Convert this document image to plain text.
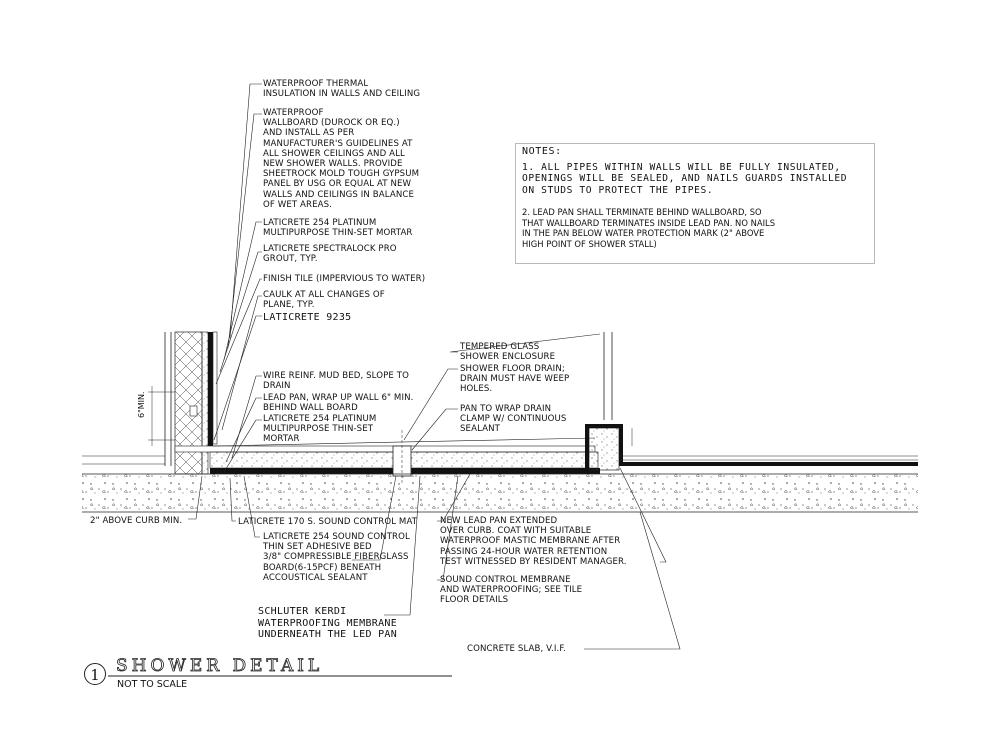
1 SHOWER DETAIL
NOT TO SCALE
6"MIN.
NOTES:
1. ALL PIPES WITHIN WALLS WILL BE FULLY INSULATED,
OPENINGS WILL BE SEALED, AND NAILS GUARDS INSTALLED
ON STUDS TO PROTECT THE PIPES.
2. LEAD PAN SHALL TERMINATE BEHIND WALLBOARD, SO
THAT WALLBOARD TERMINATES INSIDE LEAD PAN. NO NAILS
IN THE PAN BELOW WATER PROTECTION MARK (2" ABOVE
HIGH POINT OF SHOWER STALL)
WATERPROOF THERMAL
INSULATION IN WALLS AND CEILING
WATERPROOF
WALLBOARD (DUROCK OR EQ.)
AND INSTALL AS PER
MANUFACTURER'S GUIDELINES AT
ALL SHOWER CEILINGS AND ALL
NEW SHOWER WALLS. PROVIDE
SHEETROCK MOLD TOUGH GYPSUM
PANEL BY USG OR EQUAL AT NEW
WALLS AND CEILINGS IN BALANCE
OF WET AREAS.
LATICRETE 254 PLATINUM
MULTIPURPOSE THIN-SET MORTAR
LATICRETE SPECTRALOCK PRO
GROUT, TYP.
FINISH TILE (IMPERVIOUS TO WATER)
CAULK AT ALL CHANGES OF
PLANE, TYP.
LATICRETE 9235
WIRE REINF. MUD BED, SLOPE TO
DRAIN
LEAD PAN, WRAP UP WALL 6" MIN.
BEHIND WALL BOARD
LATICRETE 254 PLATINUM
MULTIPURPOSE THIN-SET
MORTAR
TEMPERED GLASS
SHOWER ENCLOSURE
SHOWER FLOOR DRAIN;
DRAIN MUST HAVE WEEP
HOLES.
PAN TO WRAP DRAIN
CLAMP W/ CONTINUOUS
SEALANT
2" ABOVE CURB MIN.	LATICRETE 170 S. SOUND CONTROL MAT
LATICRETE 254 SOUND CONTROL
THIN SET ADHESIVE BED
3/8" COMPRESSIBLE FIBERGLASS
BOARD(6-15PCF) BENEATH
ACCOUSTICAL SEALANT
SCHLUTER KERDI
WATERPROOFING MEMBRANE
UNDERNEATH THE LED PAN
NEW LEAD PAN EXTENDED
OVER CURB. COAT WITH SUITABLE
WATERPROOF MASTIC MEMBRANE AFTER
PASSING 24-HOUR WATER RETENTION
TEST WITNESSED BY RESIDENT MANAGER.
SOUND CONTROL MEMBRANE
AND WATERPROOFING; SEE TILE
FLOOR DETAILS
CONCRETE SLAB, V.I.F.
